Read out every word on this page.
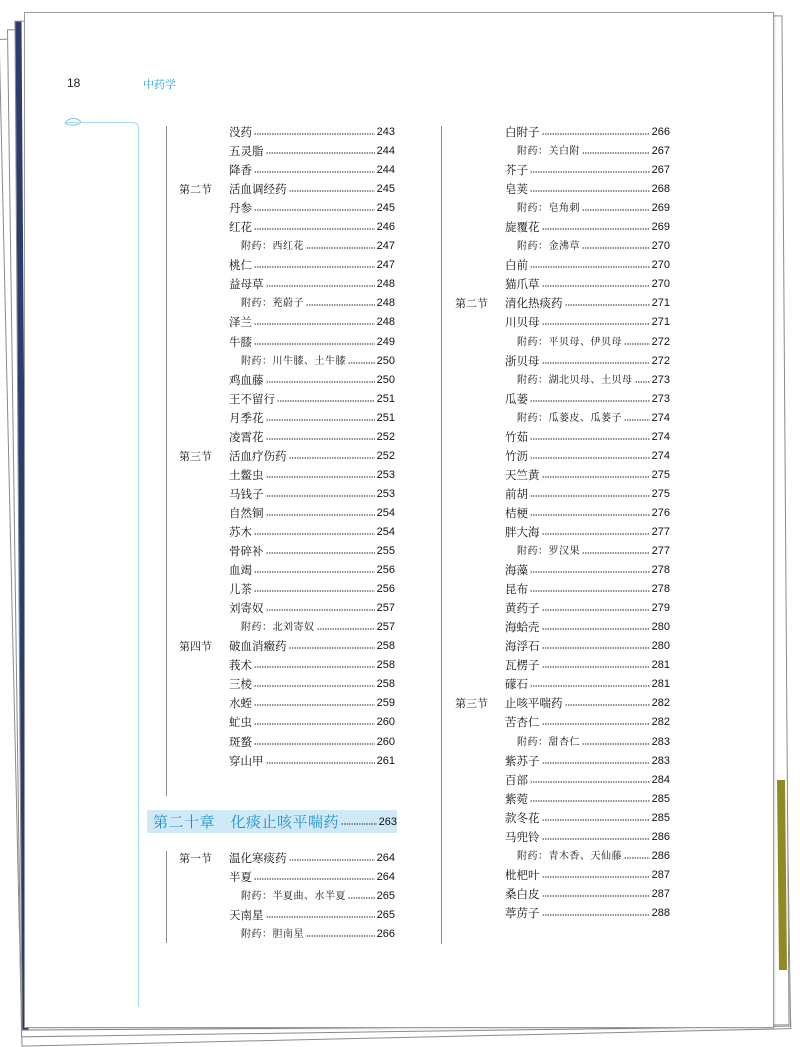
18	中药学
没药	243
五灵脂	244
降香	244
第二节 活血调经药	245
丹参	245
红花	246
附药：西红花	247
桃仁	247
益母草	248
附药：茺蔚子	248
泽兰	248
牛膝	249
附药：川牛膝、土牛膝	250
鸡血藤	250
王不留行	251
月季花	251
凌霄花	252
第三节 活血疗伤药	252
土鳖虫	253
马钱子	253
自然铜	254
苏木	254
骨碎补	255
血竭	256
儿茶	256
刘寄奴	257
附药：北刘寄奴	257
第四节 破血消癥药	258
莪术	258
三棱	258
水蛭	259
虻虫	260
斑蝥	260
穿山甲	261
第二十章　化痰止咳平喘药	263
第一节 温化寒痰药	264
半夏	264
附药：半夏曲、水半夏	265
天南星	265
附药：胆南星	266
白附子	266
附药：关白附	267
芥子	267
皂荚	268
附药：皂角刺	269
旋覆花	269
附药：金沸草	270
白前	270
猫爪草	270
第二节 清化热痰药	271
川贝母	271
附药：平贝母、伊贝母	272
浙贝母	272
附药：湖北贝母、土贝母 273
瓜蒌	273
附药：瓜蒌皮、瓜蒌子	274
竹茹	274
竹沥	274
天竺黄	275
前胡	275
桔梗	276
胖大海	277
附药：罗汉果	277
海藻	278
昆布	278
黄药子	279
海蛤壳	280
海浮石	280
瓦楞子	281
礞石	281
第三节 止咳平喘药	282
苦杏仁	282
附药：甜杏仁	283
紫苏子	283
百部	284
紫菀	285
款冬花	285
马兜铃	286
附药：青木香、天仙藤	286
枇杷叶	287
桑白皮	287
葶苈子	288
